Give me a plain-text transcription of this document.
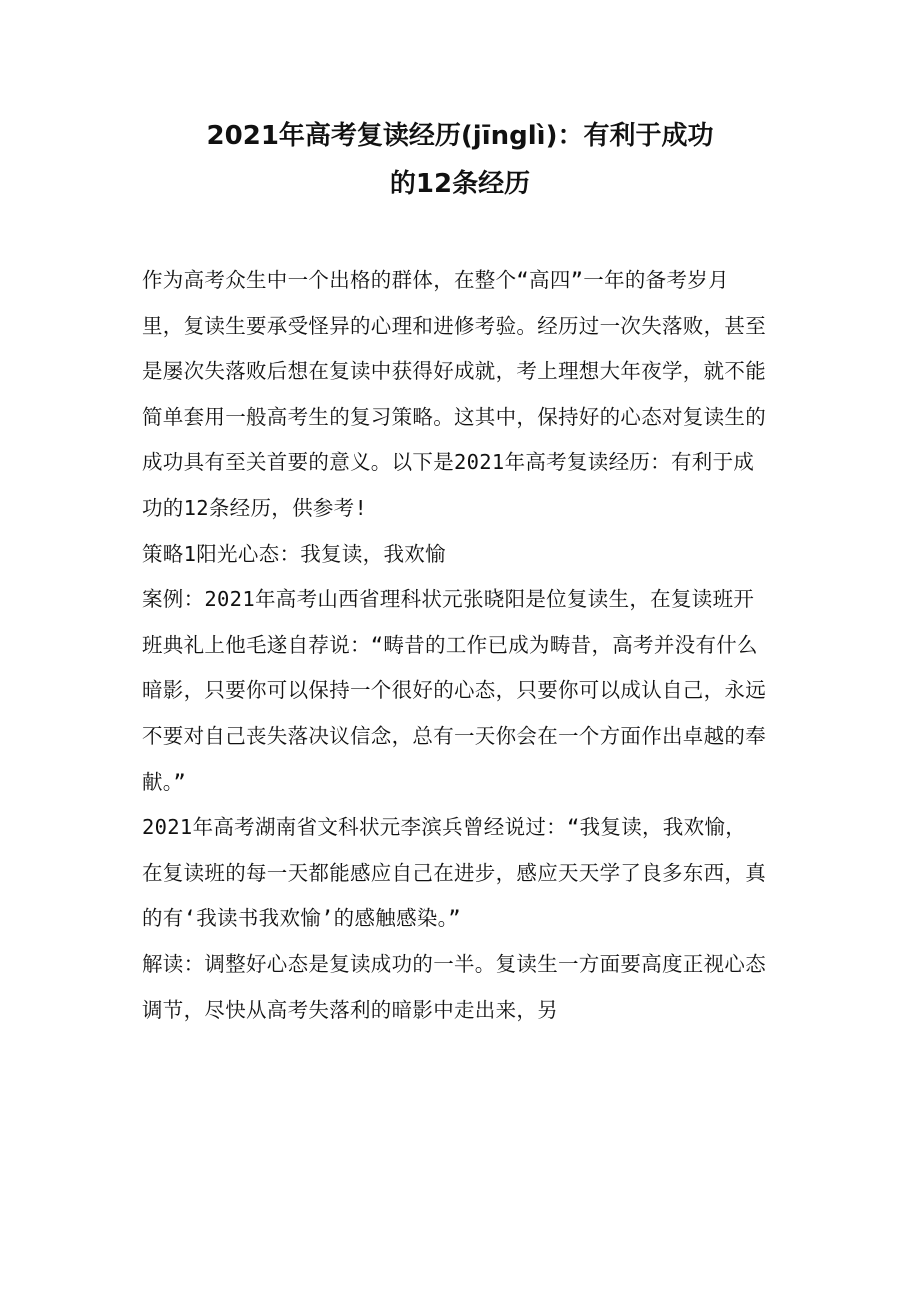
2021年高考复读经历(jīnglì)：有利于成功
的12条经历

作为高考众生中一个出格的群体，在整个“高四”一年的备考岁月里，复读生要承受怪异的心理和进修考验。经历过一次失落败，甚至是屡次失落败后想在复读中获得好成就，考上理想大年夜学，就不能简单套用一般高考生的复习策略。这其中，保持好的心态对复读生的成功具有至关首要的意义。以下是2021年高考复读经历：有利于成功的12条经历，供参考!

策略1阳光心态：我复读，我欢愉

案例：2021年高考山西省理科状元张晓阳是位复读生，在复读班开班典礼上他毛遂自荐说：“畴昔的工作已成为畴昔，高考并没有什么暗影，只要你可以保持一个很好的心态，只要你可以成认自己，永远不要对自己丧失落决议信念，总有一天你会在一个方面作出卓越的奉献。”

2021年高考湖南省文科状元李滨兵曾经说过：“我复读，我欢愉，在复读班的每一天都能感应自己在进步，感应天天学了良多东西，真的有‘我读书我欢愉’的感触感染。”

解读：调整好心态是复读成功的一半。复读生一方面要高度正视心态调节，尽快从高考失落利的暗影中走出来，另
